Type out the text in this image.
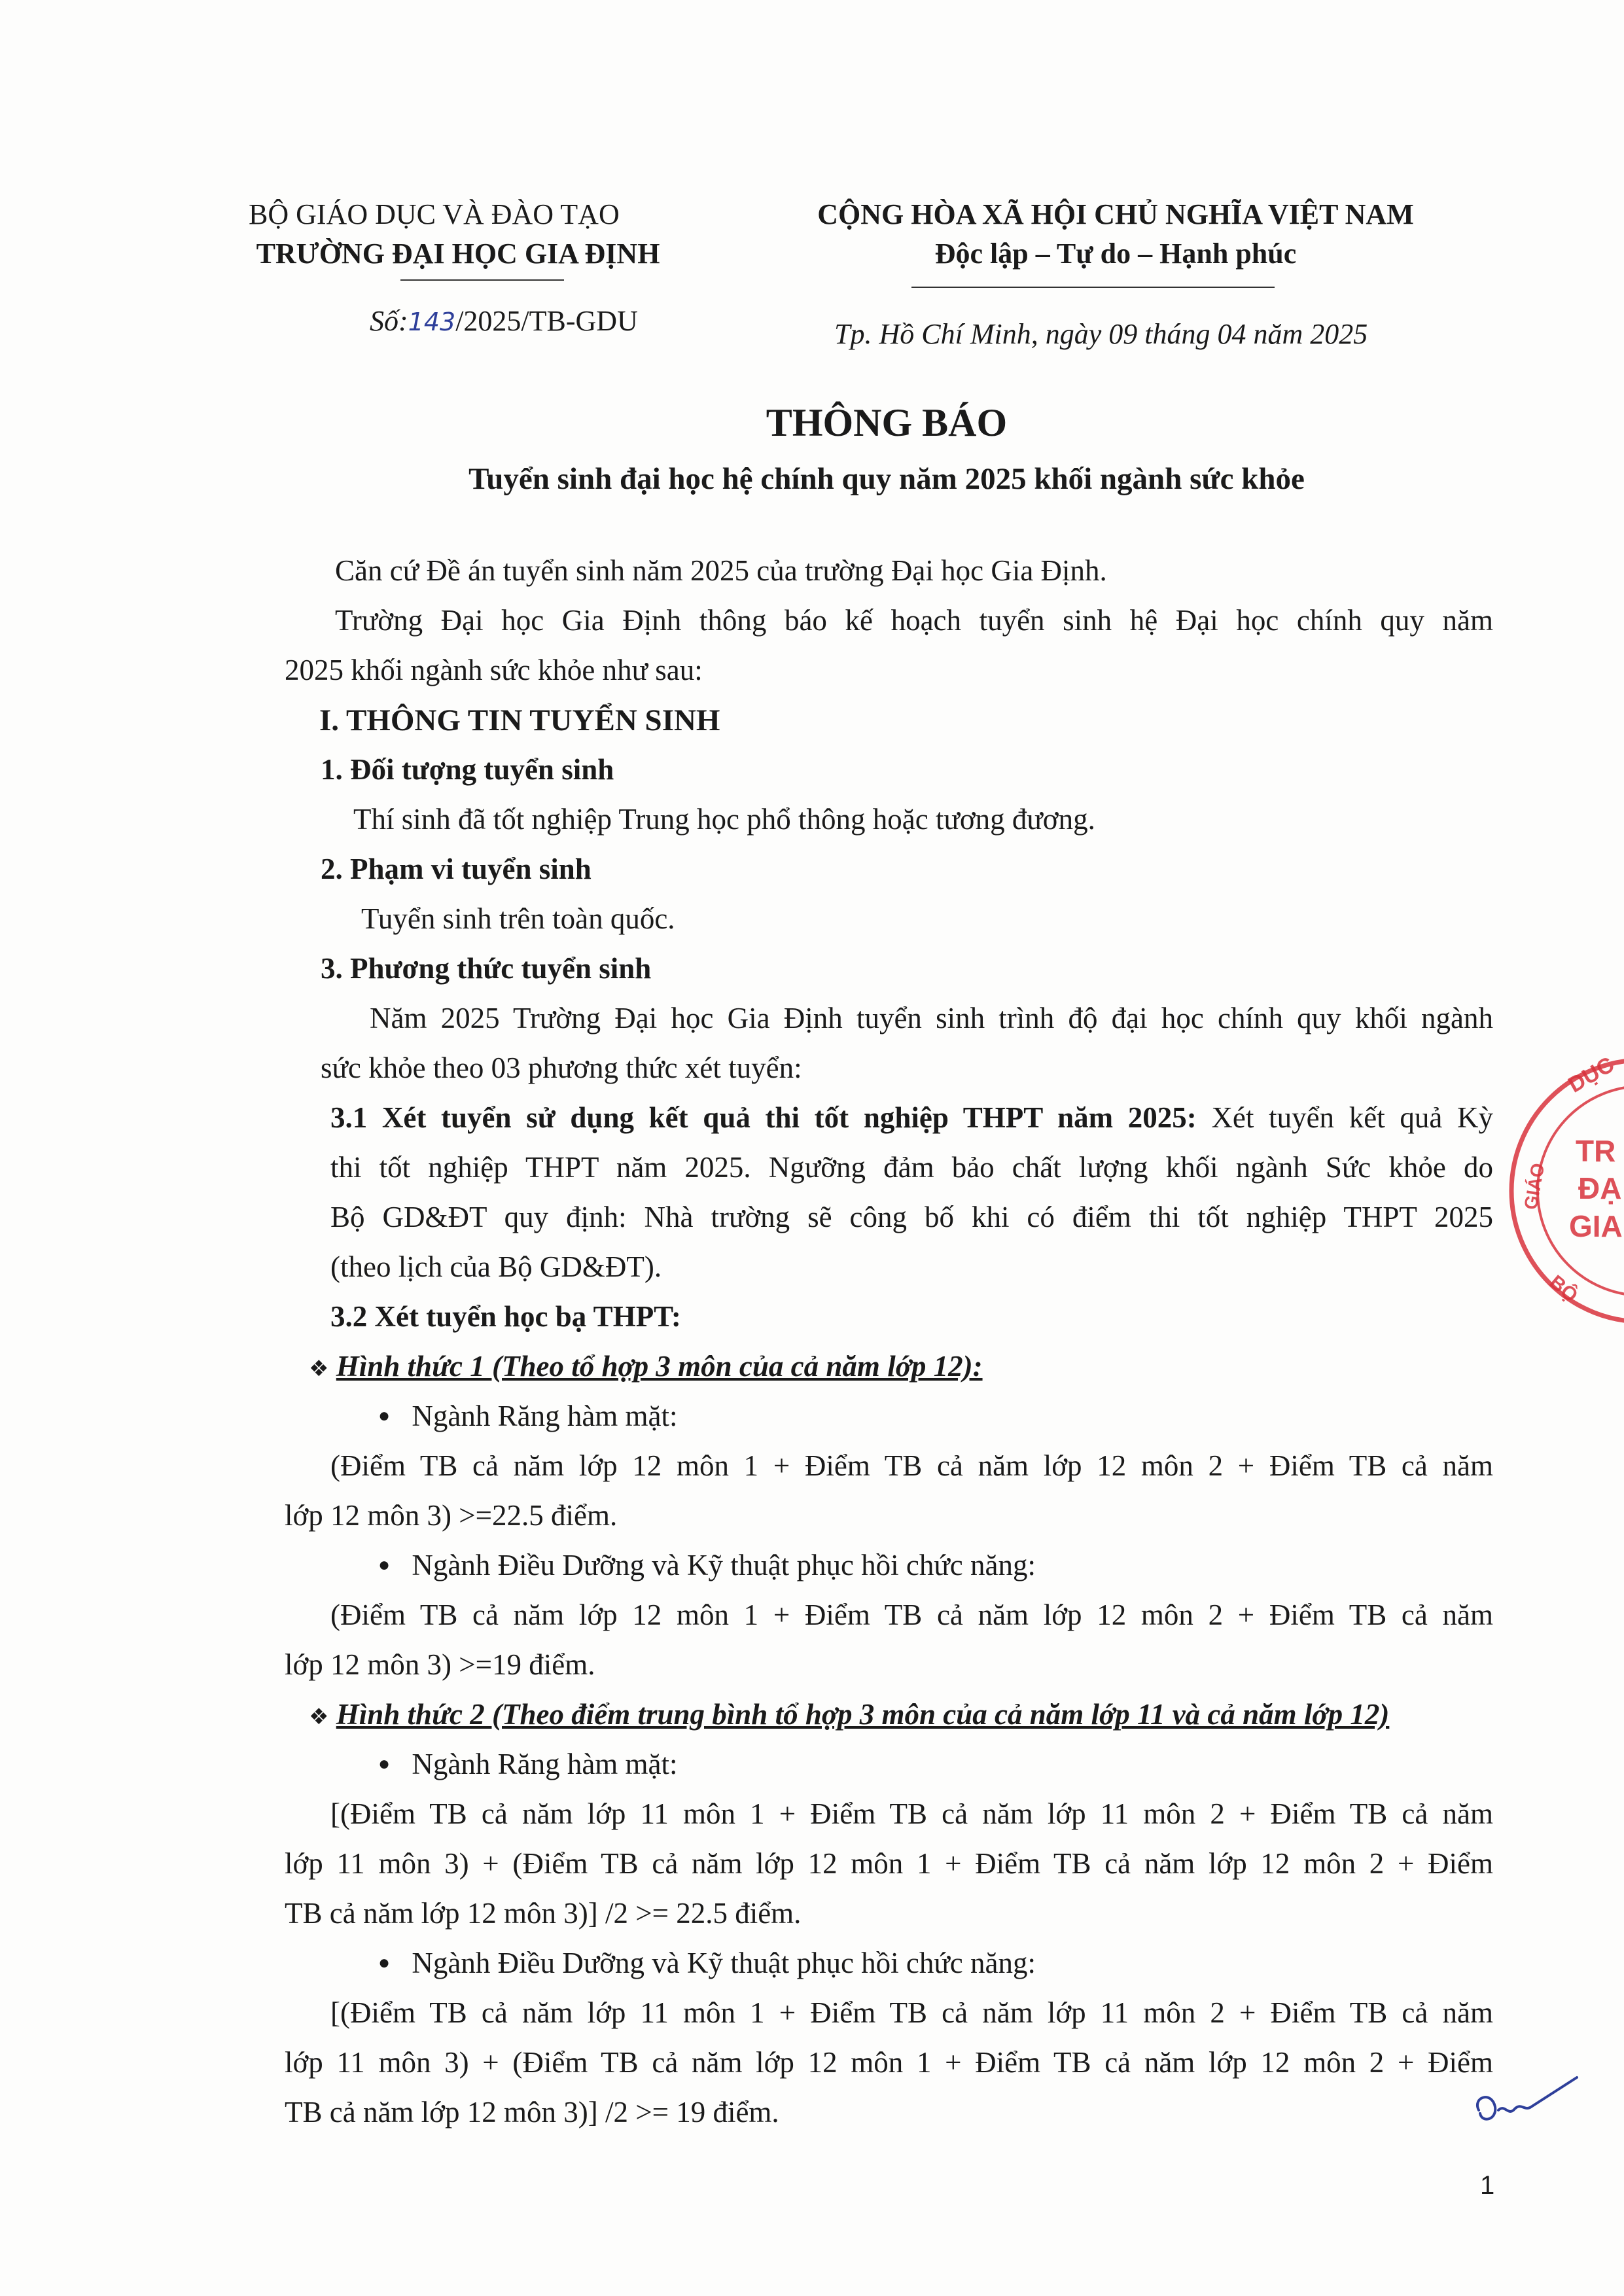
BỘ GIÁO DỤC VÀ ĐÀO TẠO
TRƯỜNG ĐẠI HỌC GIA ĐỊNH
Số:143/2025/TB-GDU
CỘNG HÒA XÃ HỘI CHỦ NGHĨA VIỆT NAM
Độc lập – Tự do – Hạnh phúc
Tp. Hồ Chí Minh, ngày 09 tháng 04 năm 2025
THÔNG BÁO
Tuyển sinh đại học hệ chính quy năm 2025 khối ngành sức khỏe
Căn cứ Đề án tuyển sinh năm 2025 của trường Đại học Gia Định.
Trường Đại học Gia Định thông báo kế hoạch tuyển sinh hệ Đại học chính quy năm
2025 khối ngành sức khỏe như sau:
I. THÔNG TIN TUYỂN SINH
1. Đối tượng tuyển sinh
Thí sinh đã tốt nghiệp Trung học phổ thông hoặc tương đương.
2. Phạm vi tuyển sinh
Tuyển sinh trên toàn quốc.
3. Phương thức tuyển sinh
Năm 2025 Trường Đại học Gia Định tuyển sinh trình độ đại học chính quy khối ngành
sức khỏe theo 03 phương thức xét tuyển:
3.1 Xét tuyển sử dụng kết quả thi tốt nghiệp THPT năm 2025: Xét tuyển kết quả Kỳ
thi tốt nghiệp THPT năm 2025. Ngưỡng đảm bảo chất lượng khối ngành Sức khỏe do
Bộ GD&ĐT quy định: Nhà trường sẽ công bố khi có điểm thi tốt nghiệp THPT 2025
(theo lịch của Bộ GD&ĐT).
3.2 Xét tuyển học bạ THPT:
❖ Hình thức 1 (Theo tổ hợp 3 môn của cả năm lớp 12):
● Ngành Răng hàm mặt:
(Điểm TB cả năm lớp 12 môn 1 + Điểm TB cả năm lớp 12 môn 2 + Điểm TB cả năm
lớp 12 môn 3) >=22.5 điểm.
● Ngành Điều Dưỡng và Kỹ thuật phục hồi chức năng:
(Điểm TB cả năm lớp 12 môn 1 + Điểm TB cả năm lớp 12 môn 2 + Điểm TB cả năm
lớp 12 môn 3) >=19 điểm.
❖ Hình thức 2 (Theo điểm trung bình tổ hợp 3 môn của cả năm lớp 11 và cả năm lớp 12)
● Ngành Răng hàm mặt:
[(Điểm TB cả năm lớp 11 môn 1 + Điểm TB cả năm lớp 11 môn 2 + Điểm TB cả năm
lớp 11 môn 3) + (Điểm TB cả năm lớp 12 môn 1 + Điểm TB cả năm lớp 12 môn 2 + Điểm
TB cả năm lớp 12 môn 3)] /2 >= 22.5 điểm.
● Ngành Điều Dưỡng và Kỹ thuật phục hồi chức năng:
[(Điểm TB cả năm lớp 11 môn 1 + Điểm TB cả năm lớp 11 môn 2 + Điểm TB cả năm
lớp 11 môn 3) + (Điểm TB cả năm lớp 12 môn 1 + Điểm TB cả năm lớp 12 môn 2 + Điểm
TB cả năm lớp 12 môn 3)] /2 >= 19 điểm.
DỤC
GIÁO
TR
ĐẠ
GIA
BỘ
1
